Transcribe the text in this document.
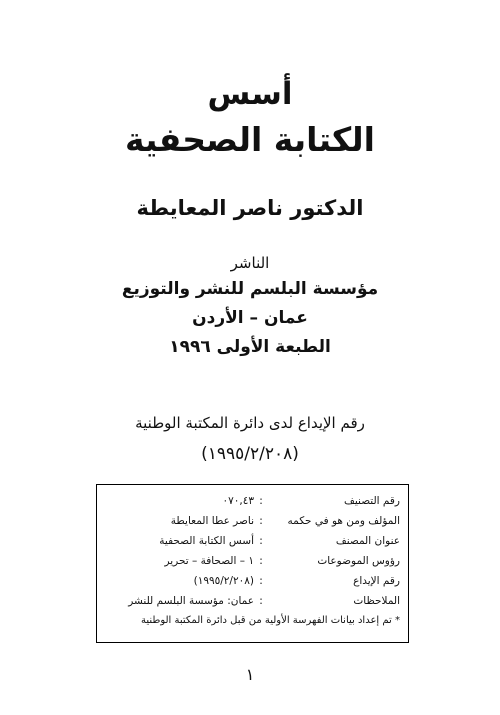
أسس
الكتابة الصحفية
الدكتور ناصر المعايطة
الناشر
مؤسسة البلسم للنشر والتوزيع
عمان – الأردن
الطبعة الأولى ١٩٩٦
رقم الإيداع لدى دائرة المكتبة الوطنية
(١٩٩٥/٢/٢٠٨)
رقم التصنيف
:
٠٧٠,٤٣
المؤلف ومن هو في حكمه
:
ناصر عطا المعايطة
عنوان المصنف
:
أسس الكتابة الصحفية
رؤوس الموضوعات
:
١ – الصحافة – تحرير
رقم الإيداع
:
(١٩٩٥/٢/٢٠٨)
الملاحظات
:
عمان: مؤسسة البلسم للنشر
* تم إعداد بيانات الفهرسة الأولية من قبل دائرة المكتبة الوطنية
١
